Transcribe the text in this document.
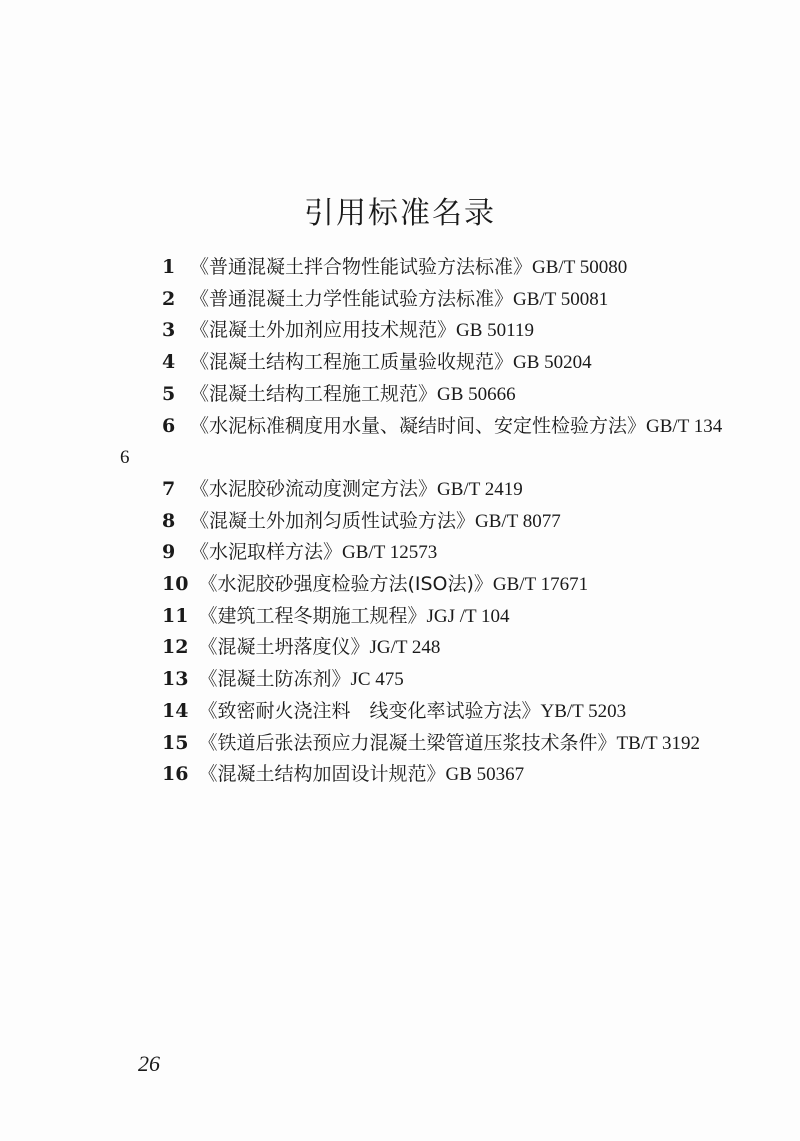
引用标准名录
1 《普通混凝土拌合物性能试验方法标准》GB/T 50080
2 《普通混凝土力学性能试验方法标准》GB/T 50081
3 《混凝土外加剂应用技术规范》GB 50119
4 《混凝土结构工程施工质量验收规范》GB 50204
5 《混凝土结构工程施工规范》GB 50666
6 《水泥标准稠度用水量、凝结时间、安定性检验方法》GB/T 1346
7 《水泥胶砂流动度测定方法》GB/T 2419
8 《混凝土外加剂匀质性试验方法》GB/T 8077
9 《水泥取样方法》GB/T 12573
10 《水泥胶砂强度检验方法(ISO法)》GB/T 17671
11 《建筑工程冬期施工规程》JGJ /T 104
12 《混凝土坍落度仪》JG/T 248
13 《混凝土防冻剂》JC 475
14 《致密耐火浇注料　线变化率试验方法》YB/T 5203
15 《铁道后张法预应力混凝土梁管道压浆技术条件》TB/T 3192
16 《混凝土结构加固设计规范》GB 50367
26
